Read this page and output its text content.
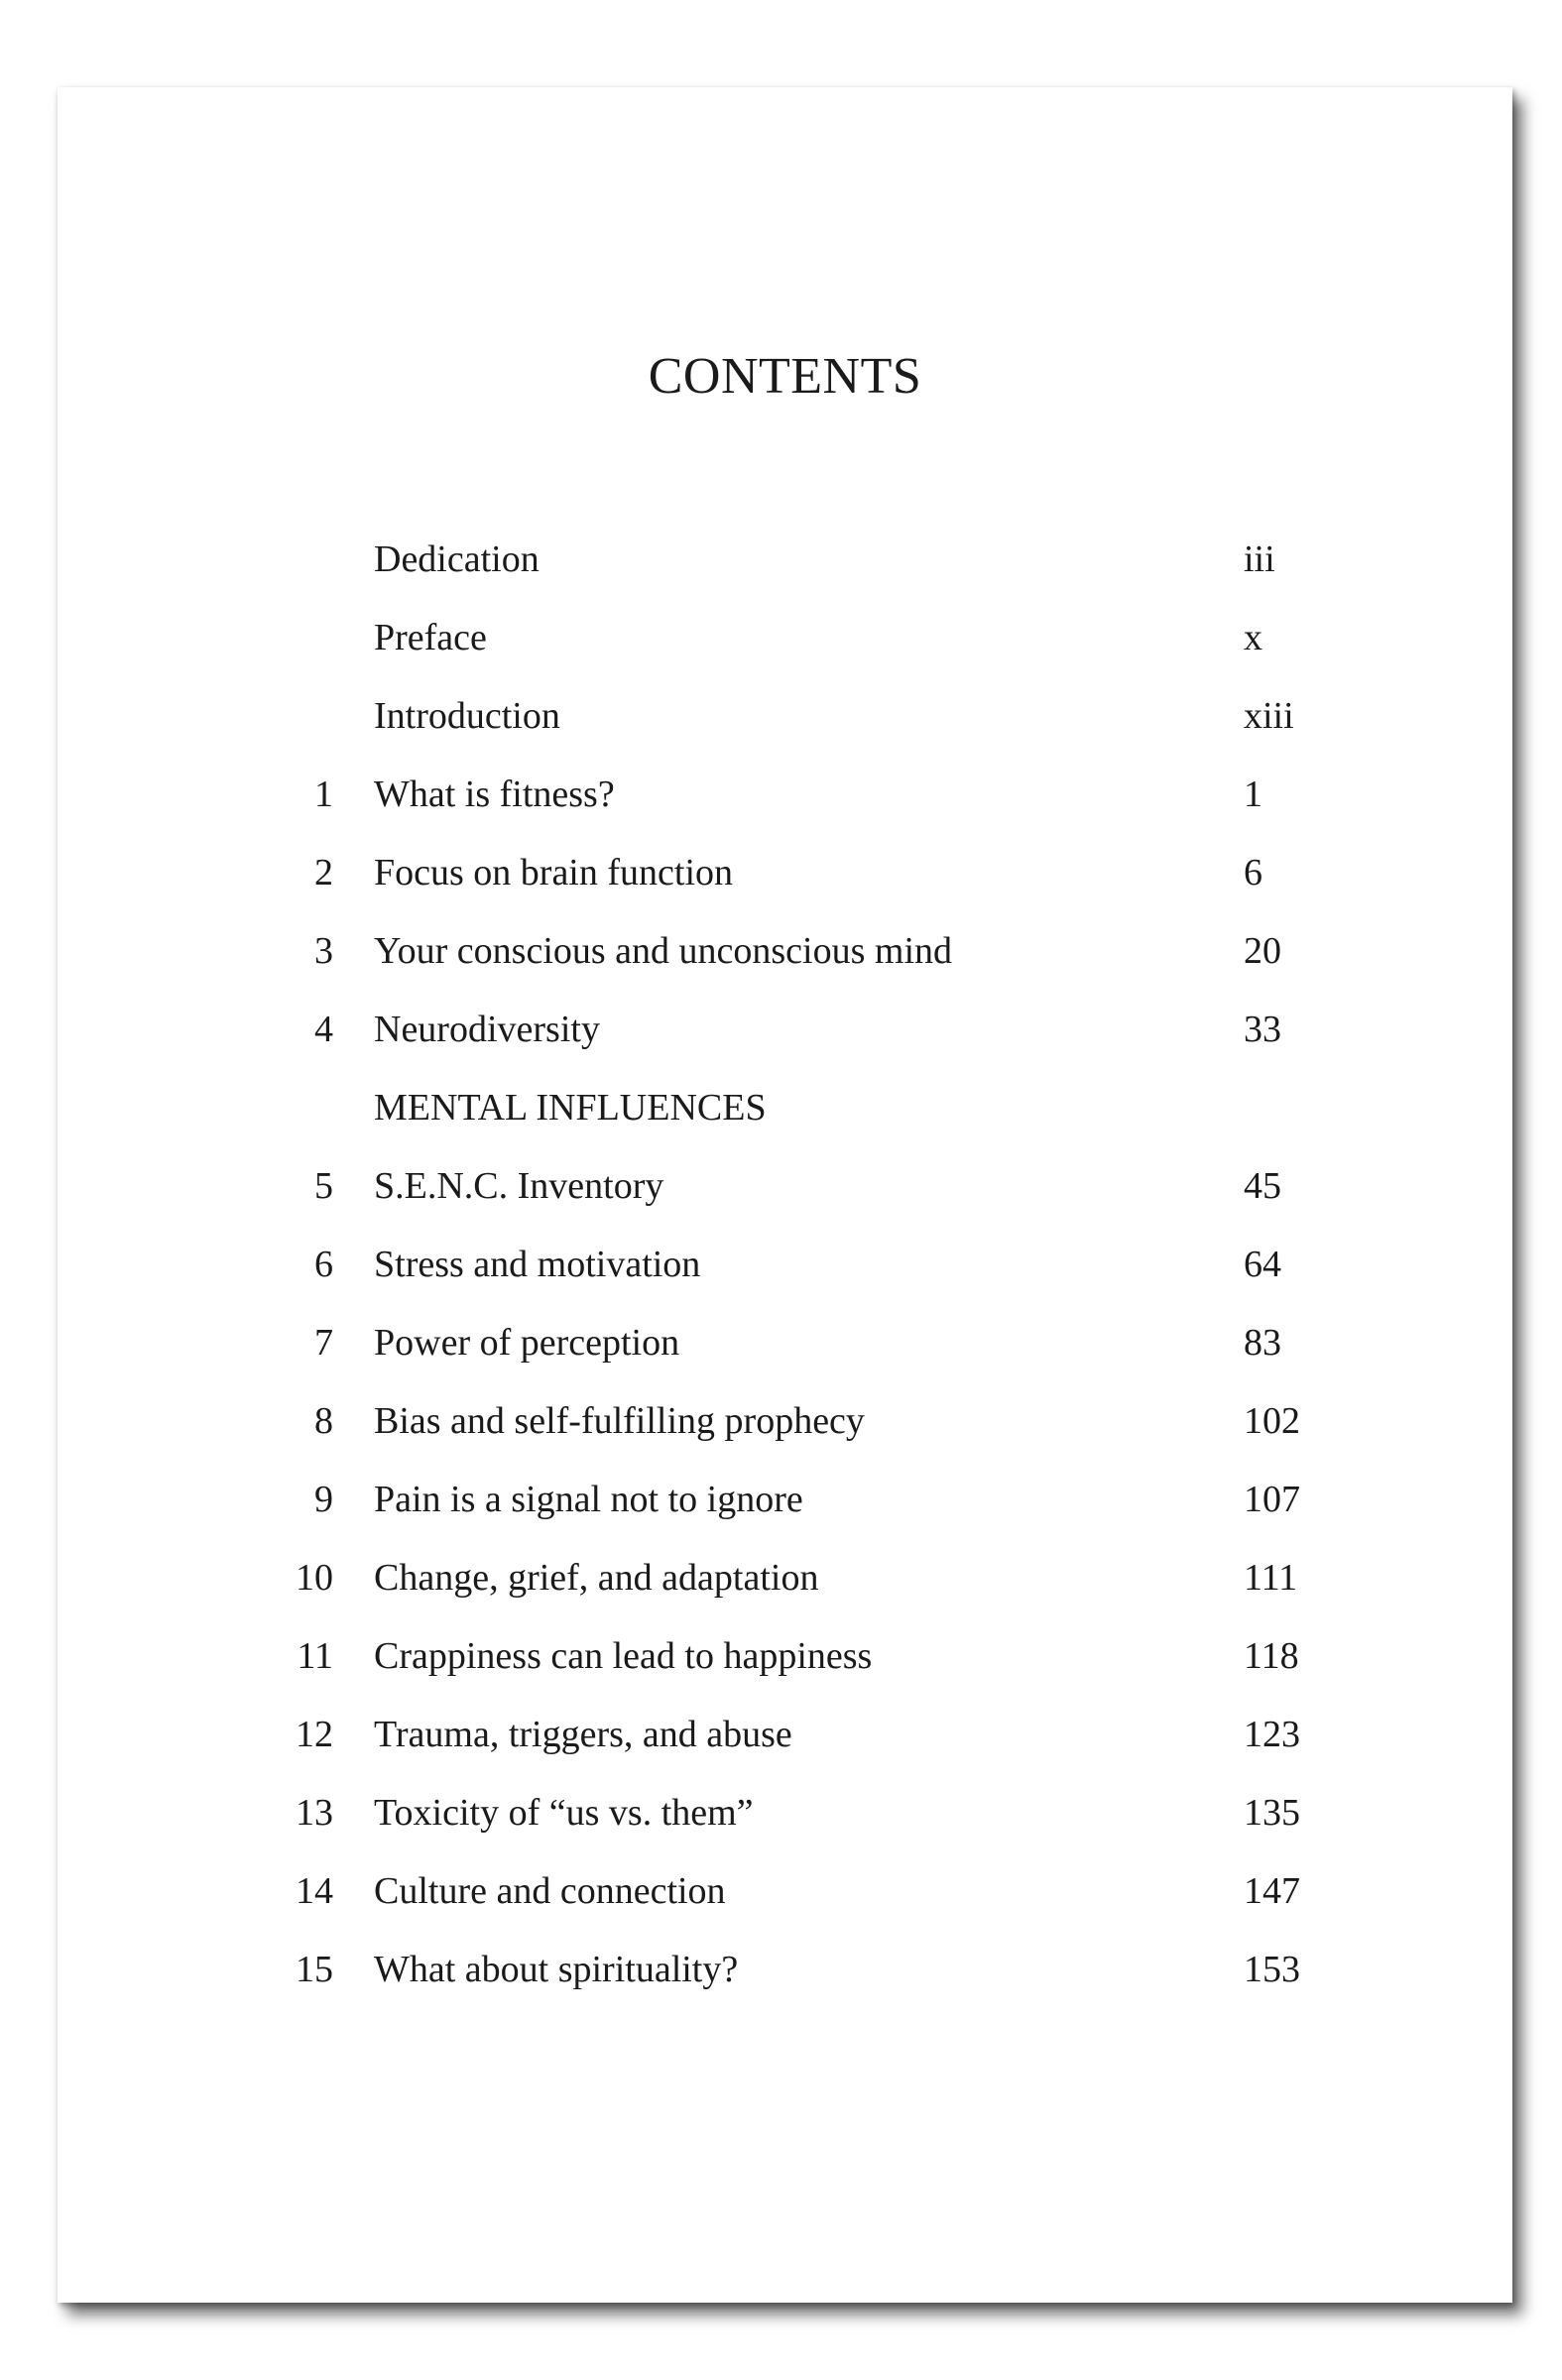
CONTENTS
Dedication	iii
Preface	x
Introduction	xiii
1 What is fitness?	1
2 Focus on brain function	6
3 Your conscious and unconscious mind	20
4 Neurodiversity	33
MENTAL INFLUENCES
5 S.E.N.C. Inventory	45
6 Stress and motivation	64
7 Power of perception	83
8 Bias and self-fulfilling prophecy	102
9 Pain is a signal not to ignore	107
10 Change, grief, and adaptation	111
11 Crappiness can lead to happiness	118
12 Trauma, triggers, and abuse	123
13 Toxicity of “us vs. them”	135
14 Culture and connection	147
15 What about spirituality?	153
